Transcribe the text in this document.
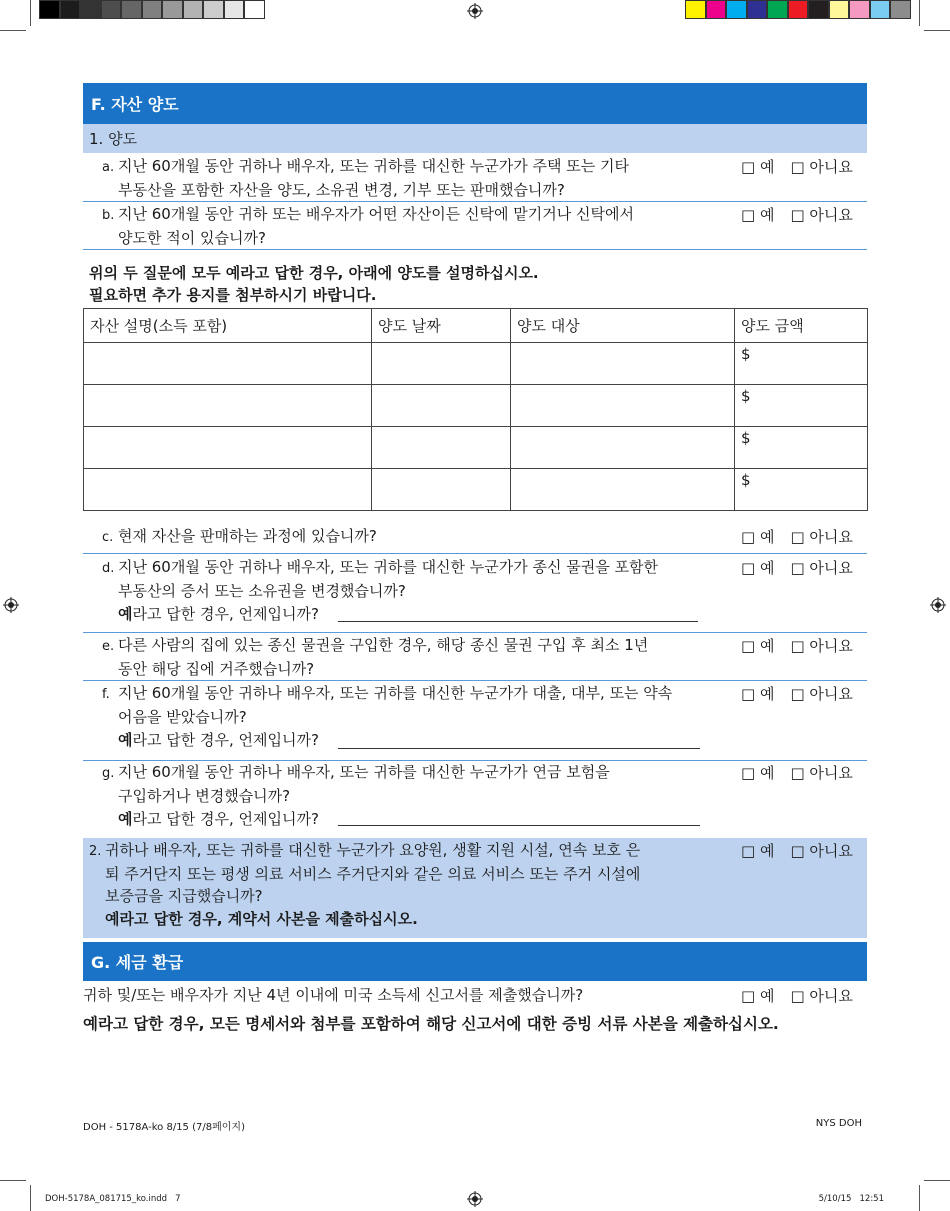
F. 자산 양도
1. 양도
a. 지난 60개월 동안 귀하나 배우자, 또는 귀하를 대신한 누군가가 주택 또는 기타
부동산을 포함한 자산을 양도, 소유권 변경, 기부 또는 판매했습니까?
□ 예 □ 아니요
b. 지난 60개월 동안 귀하 또는 배우자가 어떤 자산이든 신탁에 맡기거나 신탁에서
양도한 적이 있습니까?
□ 예 □ 아니요
위의 두 질문에 모두 예라고 답한 경우, 아래에 양도를 설명하십시오.
필요하면 추가 용지를 첨부하시기 바랍니다.
자산 설명(소득 포함)	양도 날짜	양도 대상	양도 금액
			$
			$
			$
			$
c. 현재 자산을 판매하는 과정에 있습니까?	□ 예 □ 아니요
d. 지난 60개월 동안 귀하나 배우자, 또는 귀하를 대신한 누군가가 종신 물권을 포함한
부동산의 증서 또는 소유권을 변경했습니까?
예라고 답한 경우, 언제입니까?
□ 예 □ 아니요
e. 다른 사람의 집에 있는 종신 물권을 구입한 경우, 해당 종신 물권 구입 후 최소 1년
동안 해당 집에 거주했습니까?
□ 예 □ 아니요
f. 지난 60개월 동안 귀하나 배우자, 또는 귀하를 대신한 누군가가 대출, 대부, 또는 약속
어음을 받았습니까?
예라고 답한 경우, 언제입니까?
□ 예 □ 아니요
g. 지난 60개월 동안 귀하나 배우자, 또는 귀하를 대신한 누군가가 연금 보험을
구입하거나 변경했습니까?
예라고 답한 경우, 언제입니까?
□ 예 □ 아니요
2. 귀하나 배우자, 또는 귀하를 대신한 누군가가 요양원, 생활 지원 시설, 연속 보호 은
퇴 주거단지 또는 평생 의료 서비스 주거단지와 같은 의료 서비스 또는 주거 시설에
보증금을 지급했습니까?
예라고 답한 경우, 계약서 사본을 제출하십시오.
□ 예 □ 아니요
G. 세금 환급
귀하 및/또는 배우자가 지난 4년 이내에 미국 소득세 신고서를 제출했습니까?	□ 예 □ 아니요
예라고 답한 경우, 모든 명세서와 첨부를 포함하여 해당 신고서에 대한 증빙 서류 사본을 제출하십시오.
DOH - 5178A-ko 8/15 (7/8페이지)	NYS DOH
DOH-5178A_081715_ko.indd   7	5/10/15   12:51
